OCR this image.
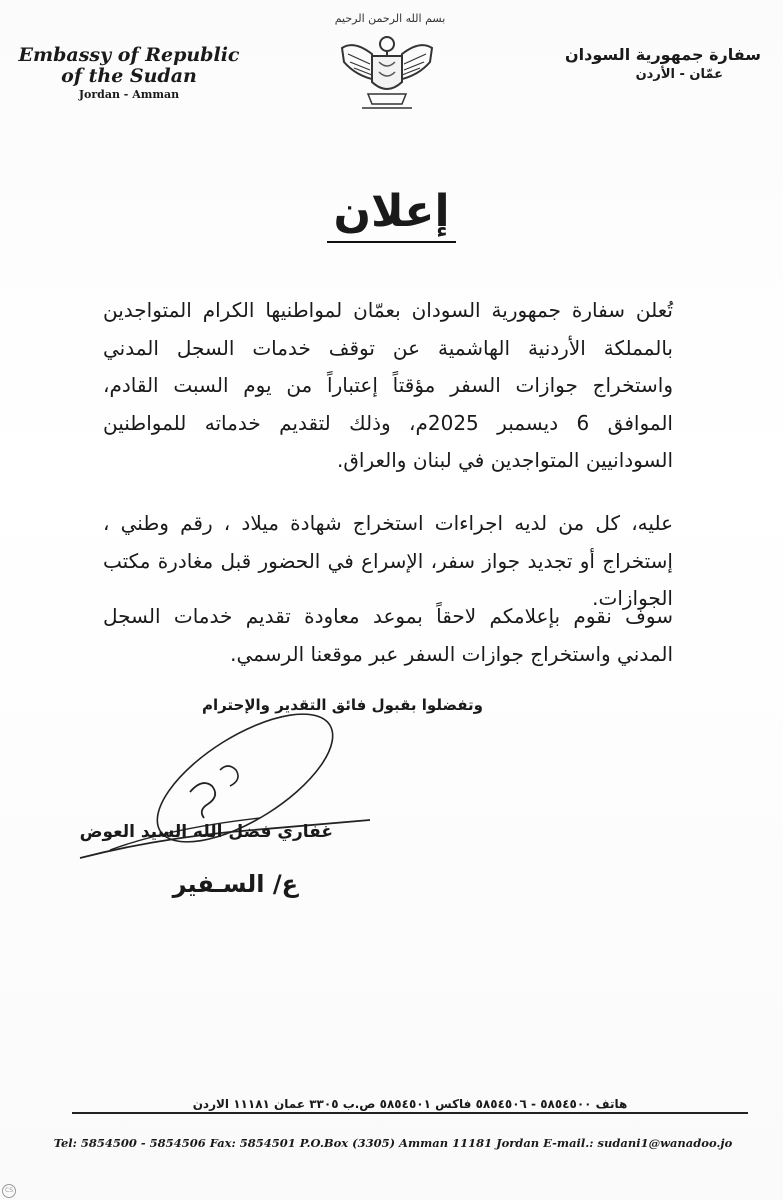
Embassy of Republic
of the Sudan
Jordan - Amman
بسم الله الرحمن الرحيم
سفارة جمهورية السودان
عمّان - الأردن
إعلان
تُعلن سفارة جمهورية السودان بعمّان لمواطنيها الكرام المتواجدين بالمملكة الأردنية الهاشمية عن توقف خدمات السجل المدني واستخراج جوازات السفر مؤقتاً إعتباراً من يوم السبت القادم، الموافق 6 ديسمبر 2025م، وذلك لتقديم خدماته للمواطنين السودانيين المتواجدين في لبنان والعراق.
عليه، كل من لديه اجراءات استخراج شهادة ميلاد ، رقم وطني ، إستخراج أو تجديد جواز سفر، الإسراع في الحضور قبل مغادرة مكتب الجوازات.
سوف نقوم بإعلامكم لاحقاً بموعد معاودة تقديم خدمات السجل المدني واستخراج جوازات السفر عبر موقعنا الرسمي.
وتفضلوا بقبول فائق التقدير والإحترام
غفاري فضل الله السيد العوض
ع/ السـفير
هاتف ٥٨٥٤٥٠٠ - ٥٨٥٤٥٠٦ فاكس ٥٨٥٤٥٠١ ص.ب ٣٣٠٥ عمان ١١١٨١ الاردن
Tel: 5854500 - 5854506 Fax: 5854501 P.O.Box (3305) Amman 11181 Jordan E-mail.: sudani1@wanadoo.jo
CS
